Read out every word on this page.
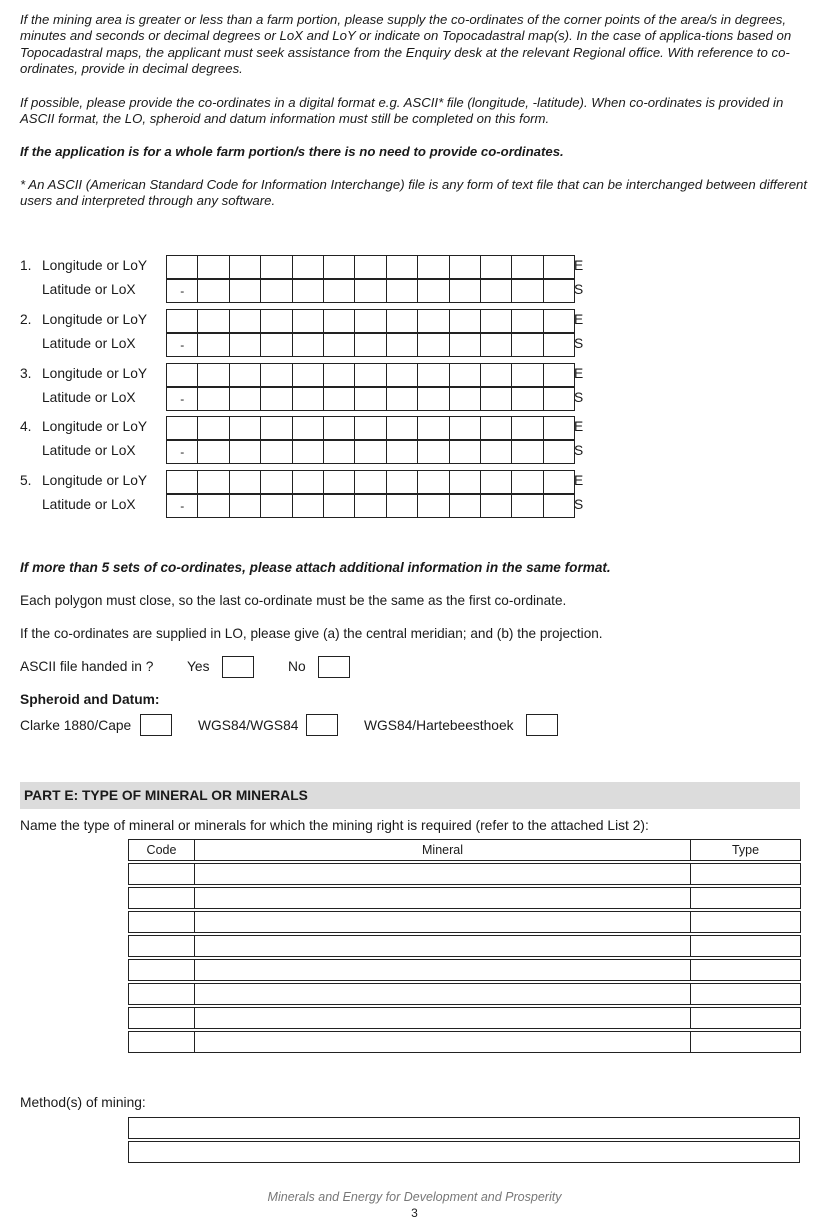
If the mining area is greater or less than a farm portion, please supply the co-ordinates of the corner points of the area/s in degrees, minutes and seconds or decimal degrees or LoX and LoY or indicate on Topocadastral map(s). In the case of applica-tions based on Topocadastral maps, the applicant must seek assistance from the Enquiry desk at the relevant Regional office. With reference to co-ordinates, provide in decimal degrees.

If possible, please provide the co-ordinates in a digital format e.g. ASCII* file (longitude, -latitude). When co-ordinates is provided in ASCII format, the LO, spheroid and datum information must still be completed on this form.

If the application is for a whole farm portion/s there is no need to provide co-ordinates.

* An ASCII (American Standard Code for Information Interchange) file is any form of text file that can be interchanged between different users and interpreted through any software.

1. Longitude or LoY	E
Latitude or LoX	-	S
2. Longitude or LoY	E
Latitude or LoX	-	S
3. Longitude or LoY	E
Latitude or LoX	-	S
4. Longitude or LoY	E
Latitude or LoX	-	S
5. Longitude or LoY	E
Latitude or LoX	-	S

If more than 5 sets of co-ordinates, please attach additional information in the same format.

Each polygon must close, so the last co-ordinate must be the same as the first co-ordinate.

If the co-ordinates are supplied in LO, please give (a) the central meridian; and (b) the projection.

ASCII file handed in ? Yes	No
Spheroid and Datum:
Clarke 1880/Cape	WGS84/WGS84	WGS84/Hartebeesthoek
PART E: TYPE OF MINERAL OR MINERALS
Name the type of mineral or minerals for which the mining right is required (refer to the attached List 2):
Code	Mineral	Type

Method(s) of mining:
Minerals and Energy for Development and Prosperity
3
